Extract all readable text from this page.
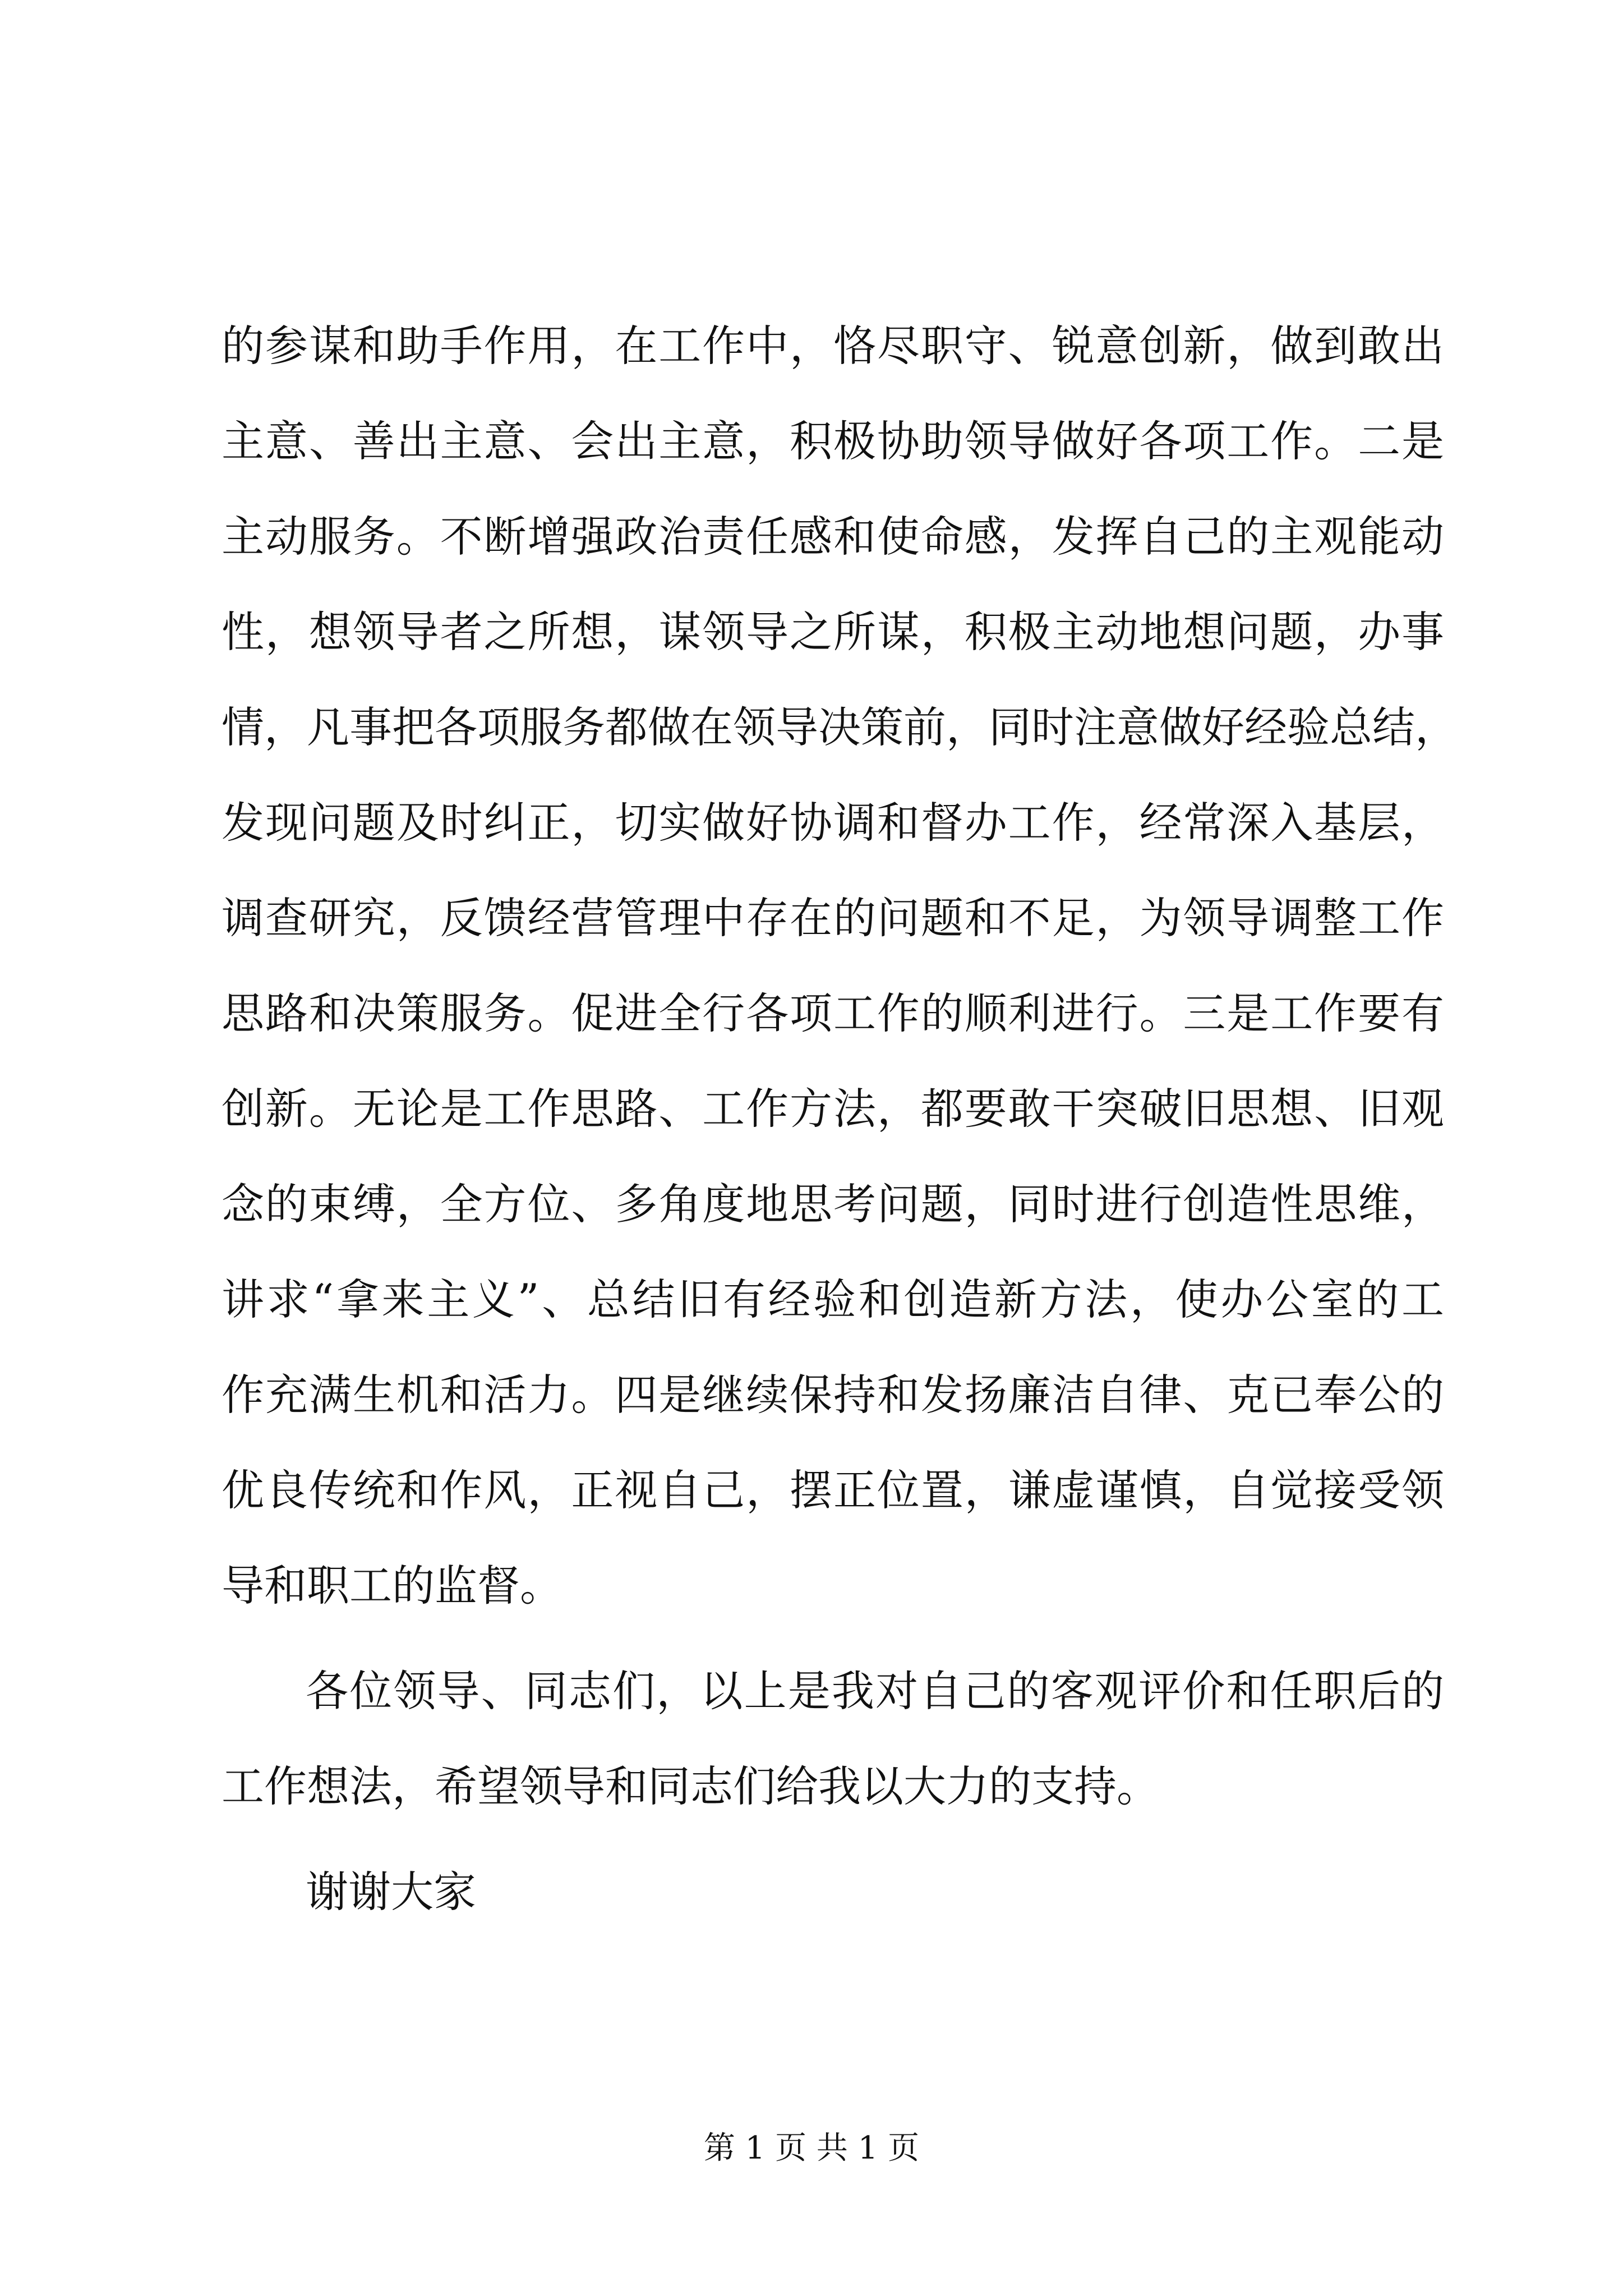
的参谋和助手作用，在工作中，恪尽职守、锐意创新，做到敢出
主意、善出主意、会出主意，积极协助领导做好各项工作。二是
主动服务。不断增强政治责任感和使命感，发挥自己的主观能动
性，想领导者之所想，谋领导之所谋，积极主动地想问题，办事
情，凡事把各项服务都做在领导决策前，同时注意做好经验总结，
发现问题及时纠正，切实做好协调和督办工作，经常深入基层，
调查研究，反馈经营管理中存在的问题和不足，为领导调整工作
思路和决策服务。促进全行各项工作的顺利进行。三是工作要有
创新。无论是工作思路、工作方法，都要敢干突破旧思想、旧观
念的束缚，全方位、多角度地思考问题，同时进行创造性思维，
讲求“拿来主义”、总结旧有经验和创造新方法，使办公室的工
作充满生机和活力。四是继续保持和发扬廉洁自律、克已奉公的
优良传统和作风，正视自己，摆正位置，谦虚谨慎，自觉接受领
导和职工的监督。
各位领导、同志们，以上是我对自己的客观评价和任职后的
工作想法，希望领导和同志们给我以大力的支持。
谢谢大家
第 1 页 共 1 页
